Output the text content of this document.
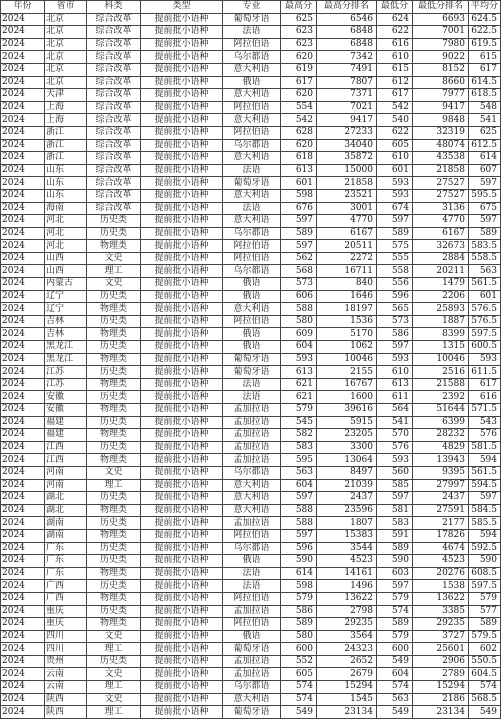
年份	省市	科类	类型	专业	最高分	最高分排名	最低分	最低分排名	平均分
2024	北京	综合改革	提前批小语种	葡萄牙语	625	6546	624	6693	624.5
2024	北京	综合改革	提前批小语种	法语	623	6848	622	7001	622.5
2024	北京	综合改革	提前批小语种	阿拉伯语	623	6848	616	7980	619.5
2024	北京	综合改革	提前批小语种	乌尔都语	620	7342	610	9022	615
2024	北京	综合改革	提前批小语种	意大利语	619	7491	615	8152	617
2024	北京	综合改革	提前批小语种	俄语	617	7807	612	8660	614.5
2024	天津	综合改革	提前批小语种	意大利语	620	7371	617	7977	618.5
2024	上海	综合改革	提前批小语种	阿拉伯语	554	7021	542	9417	548
2024	上海	综合改革	提前批小语种	意大利语	542	9417	540	9848	541
2024	浙江	综合改革	提前批小语种	阿拉伯语	628	27233	622	32319	625
2024	浙江	综合改革	提前批小语种	乌尔都语	620	34040	605	48074	612.5
2024	浙江	综合改革	提前批小语种	意大利语	618	35872	610	43538	614
2024	山东	综合改革	提前批小语种	法语	613	15000	601	21858	607
2024	山东	综合改革	提前批小语种	葡萄牙语	601	21858	593	27527	597
2024	山东	综合改革	提前批小语种	意大利语	598	23521	593	27527	595.5
2024	海南	综合改革	提前批小语种	法语	676	3001	674	3136	675
2024	河北	历史类	提前批小语种	意大利语	597	4770	597	4770	597
2024	河北	历史类	提前批小语种	乌尔都语	589	6167	589	6167	589
2024	河北	物理类	提前批小语种	阿拉伯语	597	20511	575	32673	583.5
2024	山西	文史	提前批小语种	阿拉伯语	562	2272	555	2884	558.5
2024	山西	理工	提前批小语种	乌尔都语	568	16711	558	20211	563
2024	内蒙古	文史	提前批小语种	俄语	573	840	556	1479	561.5
2024	辽宁	历史类	提前批小语种	俄语	606	1646	596	2206	601
2024	辽宁	物理类	提前批小语种	意大利语	588	18197	565	25893	576.5
2024	吉林	历史类	提前批小语种	阿拉伯语	580	1536	573	1887	576.5
2024	吉林	物理类	提前批小语种	俄语	609	5170	586	8399	597.5
2024	黑龙江	历史类	提前批小语种	俄语	604	1062	597	1315	600.5
2024	黑龙江	物理类	提前批小语种	葡萄牙语	593	10046	593	10046	593
2024	江苏	历史类	提前批小语种	葡萄牙语	613	2155	610	2516	611.5
2024	江苏	物理类	提前批小语种	法语	621	16767	613	21588	617
2024	安徽	历史类	提前批小语种	法语	621	1600	611	2392	616
2024	安徽	物理类	提前批小语种	孟加拉语	579	39616	564	51644	571.5
2024	福建	历史类	提前批小语种	孟加拉语	545	5915	541	6399	543
2024	福建	物理类	提前批小语种	孟加拉语	582	23205	570	28232	576
2024	江西	历史类	提前批小语种	孟加拉语	583	3300	576	4829	581.5
2024	江西	物理类	提前批小语种	孟加拉语	595	13064	593	13943	594
2024	河南	文史	提前批小语种	乌尔都语	563	8497	560	9395	561.5
2024	河南	理工	提前批小语种	意大利语	604	21039	585	27997	594.5
2024	湖北	历史类	提前批小语种	意大利语	597	2437	597	2437	597
2024	湖北	物理类	提前批小语种	意大利语	588	23596	581	27591	584.5
2024	湖南	历史类	提前批小语种	孟加拉语	588	1807	583	2177	585.5
2024	湖南	物理类	提前批小语种	阿拉伯语	597	15383	591	17826	594
2024	广东	历史类	提前批小语种	乌尔都语	596	3544	589	4674	592.5
2024	广东	历史类	提前批小语种	俄语	590	4523	590	4523	590
2024	广东	物理类	提前批小语种	法语	614	14161	603	20276	608.5
2024	广西	历史类	提前批小语种	法语	598	1496	597	1538	597.5
2024	广西	物理类	提前批小语种	阿拉伯语	579	13622	579	13622	579
2024	重庆	历史类	提前批小语种	孟加拉语	586	2798	574	3385	577
2024	重庆	物理类	提前批小语种	阿拉伯语	589	29235	589	29235	589
2024	四川	文史	提前批小语种	俄语	580	3564	579	3727	579.5
2024	四川	理工	提前批小语种	葡萄牙语	600	24323	600	25601	602
2024	贵州	历史类	提前批小语种	孟加拉语	552	2652	549	2906	550.5
2024	云南	文史	提前批小语种	孟加拉语	605	2679	604	2789	604.5
2024	云南	理工	提前批小语种	乌尔都语	574	15294	574	15294	574
2024	陕西	文史	提前批小语种	意大利语	574	1545	563	2186	568.5
2024	陕西	理工	提前批小语种	葡萄牙语	549	23134	549	23134	549
